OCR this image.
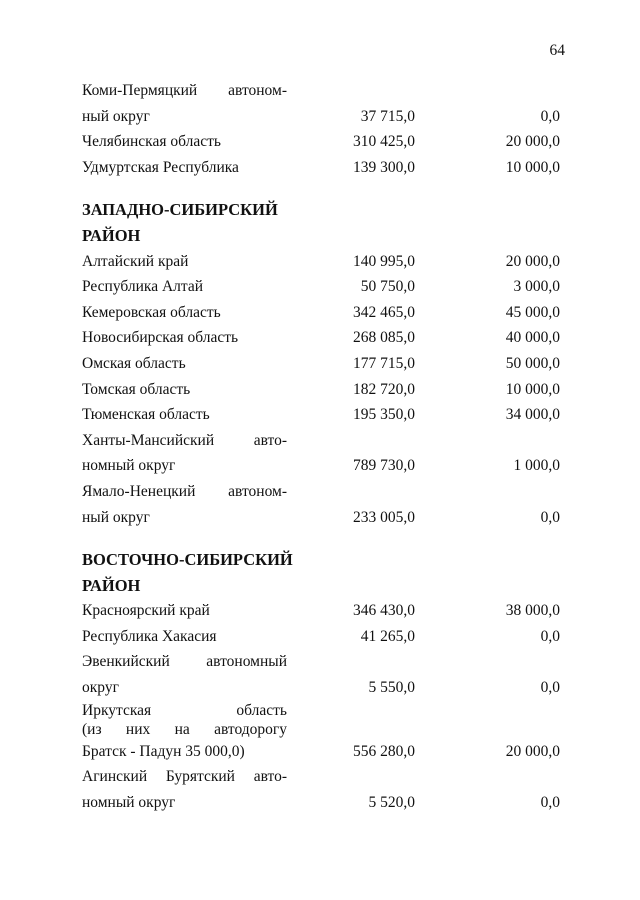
64
Коми-Пермяцкий автоном-
ный округ	37 715,0	0,0
Челябинская область	310 425,0	20 000,0
Удмуртская Республика	139 300,0	10 000,0
ЗАПАДНО-СИБИРСКИЙ
РАЙОН
Алтайский край	140 995,0	20 000,0
Республика Алтай	50 750,0	3 000,0
Кемеровская область	342 465,0	45 000,0
Новосибирская область	268 085,0	40 000,0
Омская область	177 715,0	50 000,0
Томская область	182 720,0	10 000,0
Тюменская область	195 350,0	34 000,0
Ханты-Мансийский авто-
номный округ	789 730,0	1 000,0
Ямало-Ненецкий автоном-
ный округ	233 005,0	0,0
ВОСТОЧНО-СИБИРСКИЙ
РАЙОН
Красноярский край	346 430,0	38 000,0
Республика Хакасия	41 265,0	0,0
Эвенкийский автономный
округ	5 550,0	0,0
Иркутская область
(из них на автодорогу
Братск - Падун 35 000,0)	556 280,0	20 000,0
Агинский Бурятский авто-
номный округ	5 520,0	0,0
